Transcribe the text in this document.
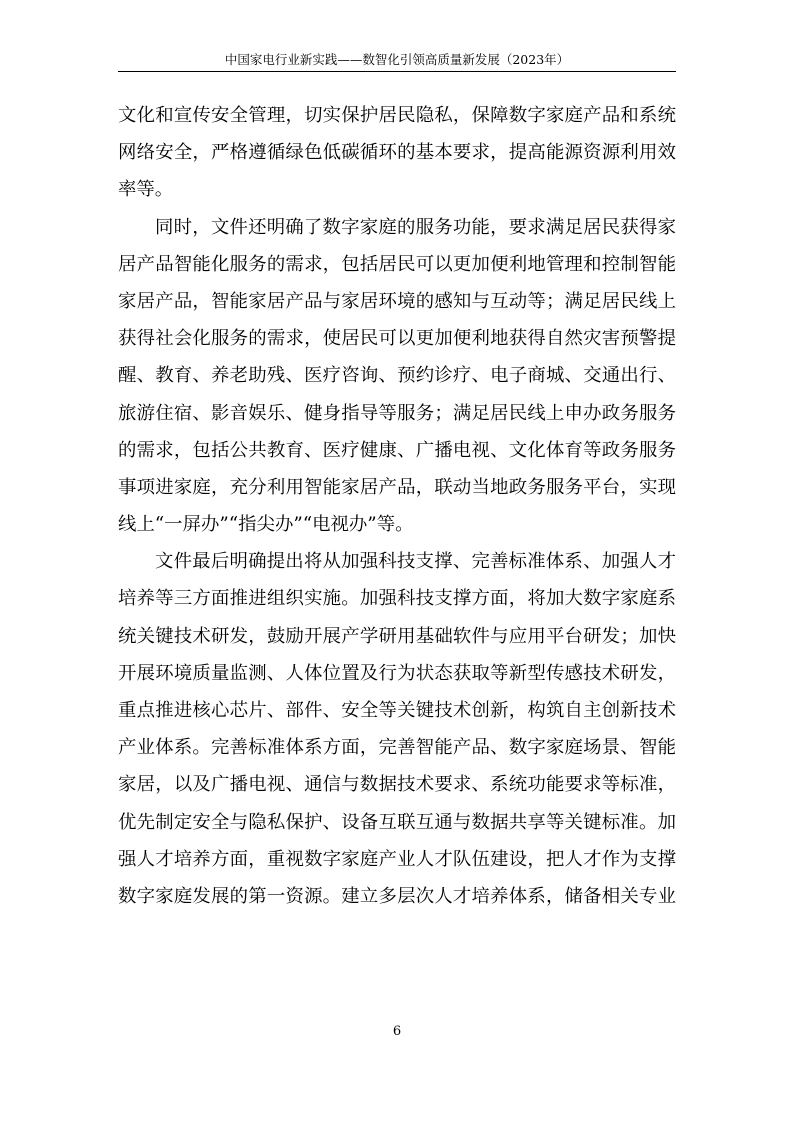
中国家电行业新实践——数智化引领高质量新发展（2023年）
文化和宣传安全管理，切实保护居民隐私，保障数字家庭产品和系统
网络安全，严格遵循绿色低碳循环的基本要求，提高能源资源利用效
率等。
同时，文件还明确了数字家庭的服务功能，要求满足居民获得家
居产品智能化服务的需求，包括居民可以更加便利地管理和控制智能
家居产品，智能家居产品与家居环境的感知与互动等；满足居民线上
获得社会化服务的需求，使居民可以更加便利地获得自然灾害预警提
醒、教育、养老助残、医疗咨询、预约诊疗、电子商城、交通出行、
旅游住宿、影音娱乐、健身指导等服务；满足居民线上申办政务服务
的需求，包括公共教育、医疗健康、广播电视、文化体育等政务服务
事项进家庭，充分利用智能家居产品，联动当地政务服务平台，实现
线上“一屏办”“指尖办”“电视办”等。
文件最后明确提出将从加强科技支撑、完善标准体系、加强人才
培养等三方面推进组织实施。加强科技支撑方面，将加大数字家庭系
统关键技术研发，鼓励开展产学研用基础软件与应用平台研发；加快
开展环境质量监测、人体位置及行为状态获取等新型传感技术研发，
重点推进核心芯片、部件、安全等关键技术创新，构筑自主创新技术
产业体系。完善标准体系方面，完善智能产品、数字家庭场景、智能
家居，以及广播电视、通信与数据技术要求、系统功能要求等标准，
优先制定安全与隐私保护、设备互联互通与数据共享等关键标准。加
强人才培养方面，重视数字家庭产业人才队伍建设，把人才作为支撑
数字家庭发展的第一资源。建立多层次人才培养体系，储备相关专业
6
